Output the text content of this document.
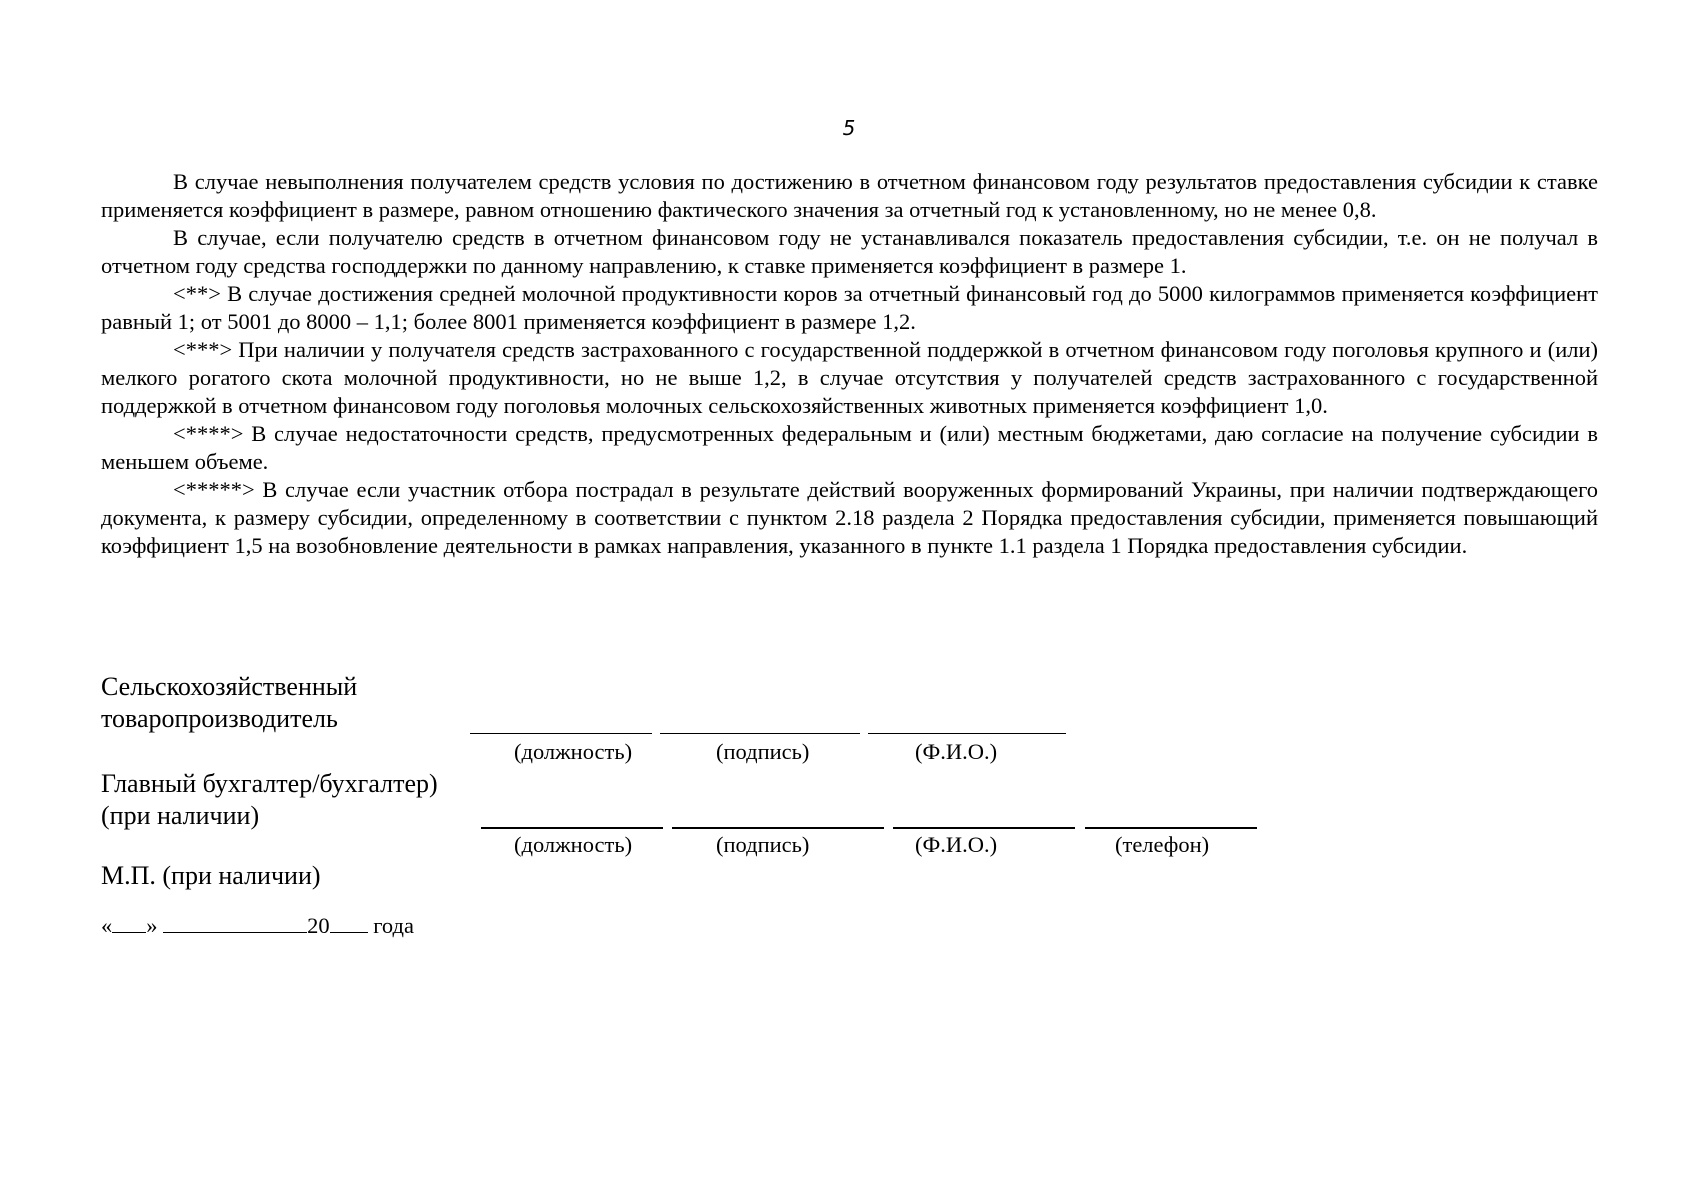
5

В случае невыполнения получателем средств условия по достижению в отчетном финансовом году результатов предоставления субсидии к ставке применяется коэффициент в размере, равном отношению фактического значения за отчетный год к установленному, но не менее 0,8.

В случае, если получателю средств в отчетном финансовом году не устанавливался показатель предоставления субсидии, т.е. он не получал в отчетном году средства господдержки по данному направлению, к ставке применяется коэффициент в размере 1.

<**> В случае достижения средней молочной продуктивности коров за отчетный финансовый год до 5000 килограммов применяется коэффициент равный 1; от 5001 до 8000 – 1,1; более 8001 применяется коэффициент в размере 1,2.

<***> При наличии у получателя средств застрахованного с государственной поддержкой в отчетном финансовом году поголовья крупного и (или) мелкого рогатого скота молочной продуктивности, но не выше 1,2, в случае отсутствия у получателей средств застрахованного с государственной поддержкой в отчетном финансовом году поголовья молочных сельскохозяйственных животных применяется коэффициент 1,0.

<****> В случае недостаточности средств, предусмотренных федеральным и (или) местным бюджетами, даю согласие на получение субсидии в меньшем объеме.

<*****> В случае если участник отбора пострадал в результате действий вооруженных формирований Украины, при наличии подтверждающего документа, к размеру субсидии, определенному в соответствии с пунктом 2.18 раздела 2 Порядка предоставления субсидии, применяется повышающий коэффициент 1,5 на возобновление деятельности в рамках направления, указанного в пункте 1.1 раздела 1 Порядка предоставления субсидии.

Сельскохозяйственный
товаропроизводитель
(должность)	(подпись)	(Ф.И.О.)
Главный бухгалтер/бухгалтер)
(при наличии)
(должность)	(подпись)	(Ф.И.О.)	(телефон)
М.П. (при наличии)
« »	20 года
